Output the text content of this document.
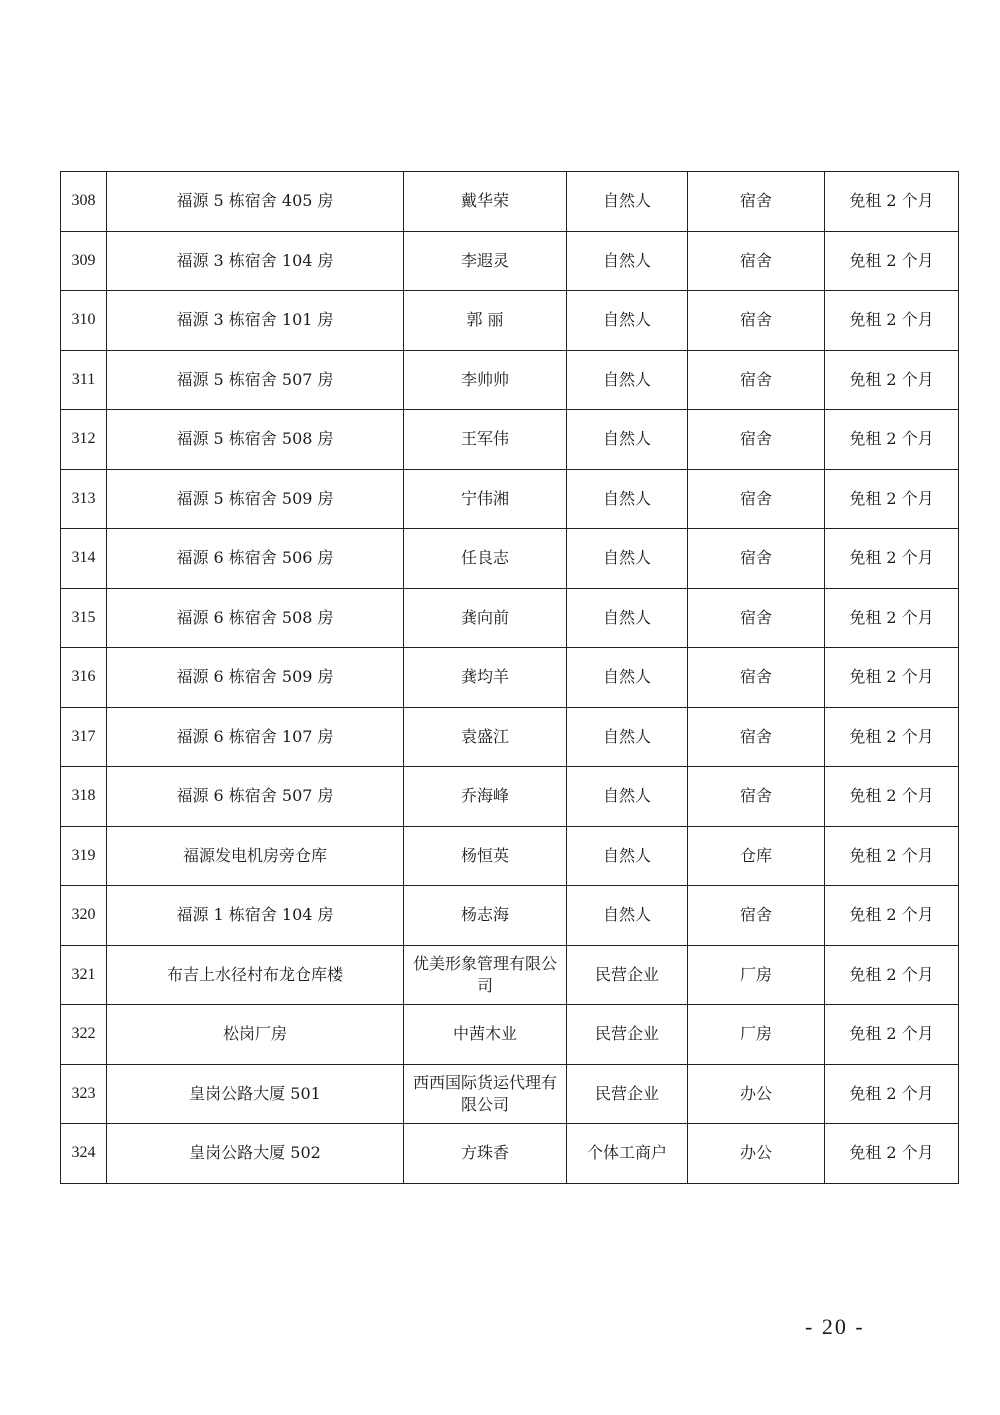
308	福源 5 栋宿舍 405 房	戴华荣	自然人	宿舍	免租 2 个月
309	福源 3 栋宿舍 104 房	李遐灵	自然人	宿舍	免租 2 个月
310	福源 3 栋宿舍 101 房	郭 丽	自然人	宿舍	免租 2 个月
311	福源 5 栋宿舍 507 房	李帅帅	自然人	宿舍	免租 2 个月
312	福源 5 栋宿舍 508 房	王军伟	自然人	宿舍	免租 2 个月
313	福源 5 栋宿舍 509 房	宁伟湘	自然人	宿舍	免租 2 个月
314	福源 6 栋宿舍 506 房	任良志	自然人	宿舍	免租 2 个月
315	福源 6 栋宿舍 508 房	龚向前	自然人	宿舍	免租 2 个月
316	福源 6 栋宿舍 509 房	龚均羊	自然人	宿舍	免租 2 个月
317	福源 6 栋宿舍 107 房	袁盛江	自然人	宿舍	免租 2 个月
318	福源 6 栋宿舍 507 房	乔海峰	自然人	宿舍	免租 2 个月
319	福源发电机房旁仓库	杨恒英	自然人	仓库	免租 2 个月
320	福源 1 栋宿舍 104 房	杨志海	自然人	宿舍	免租 2 个月
321	布吉上水径村布龙仓库楼	优美形象管理有限公司	民营企业	厂房	免租 2 个月
322	松岗厂房	中茜木业	民营企业	厂房	免租 2 个月
323	皇岗公路大厦 501	西西国际货运代理有限公司	民营企业	办公	免租 2 个月
324	皇岗公路大厦 502	方珠香	个体工商户	办公	免租 2 个月
- 20 -
